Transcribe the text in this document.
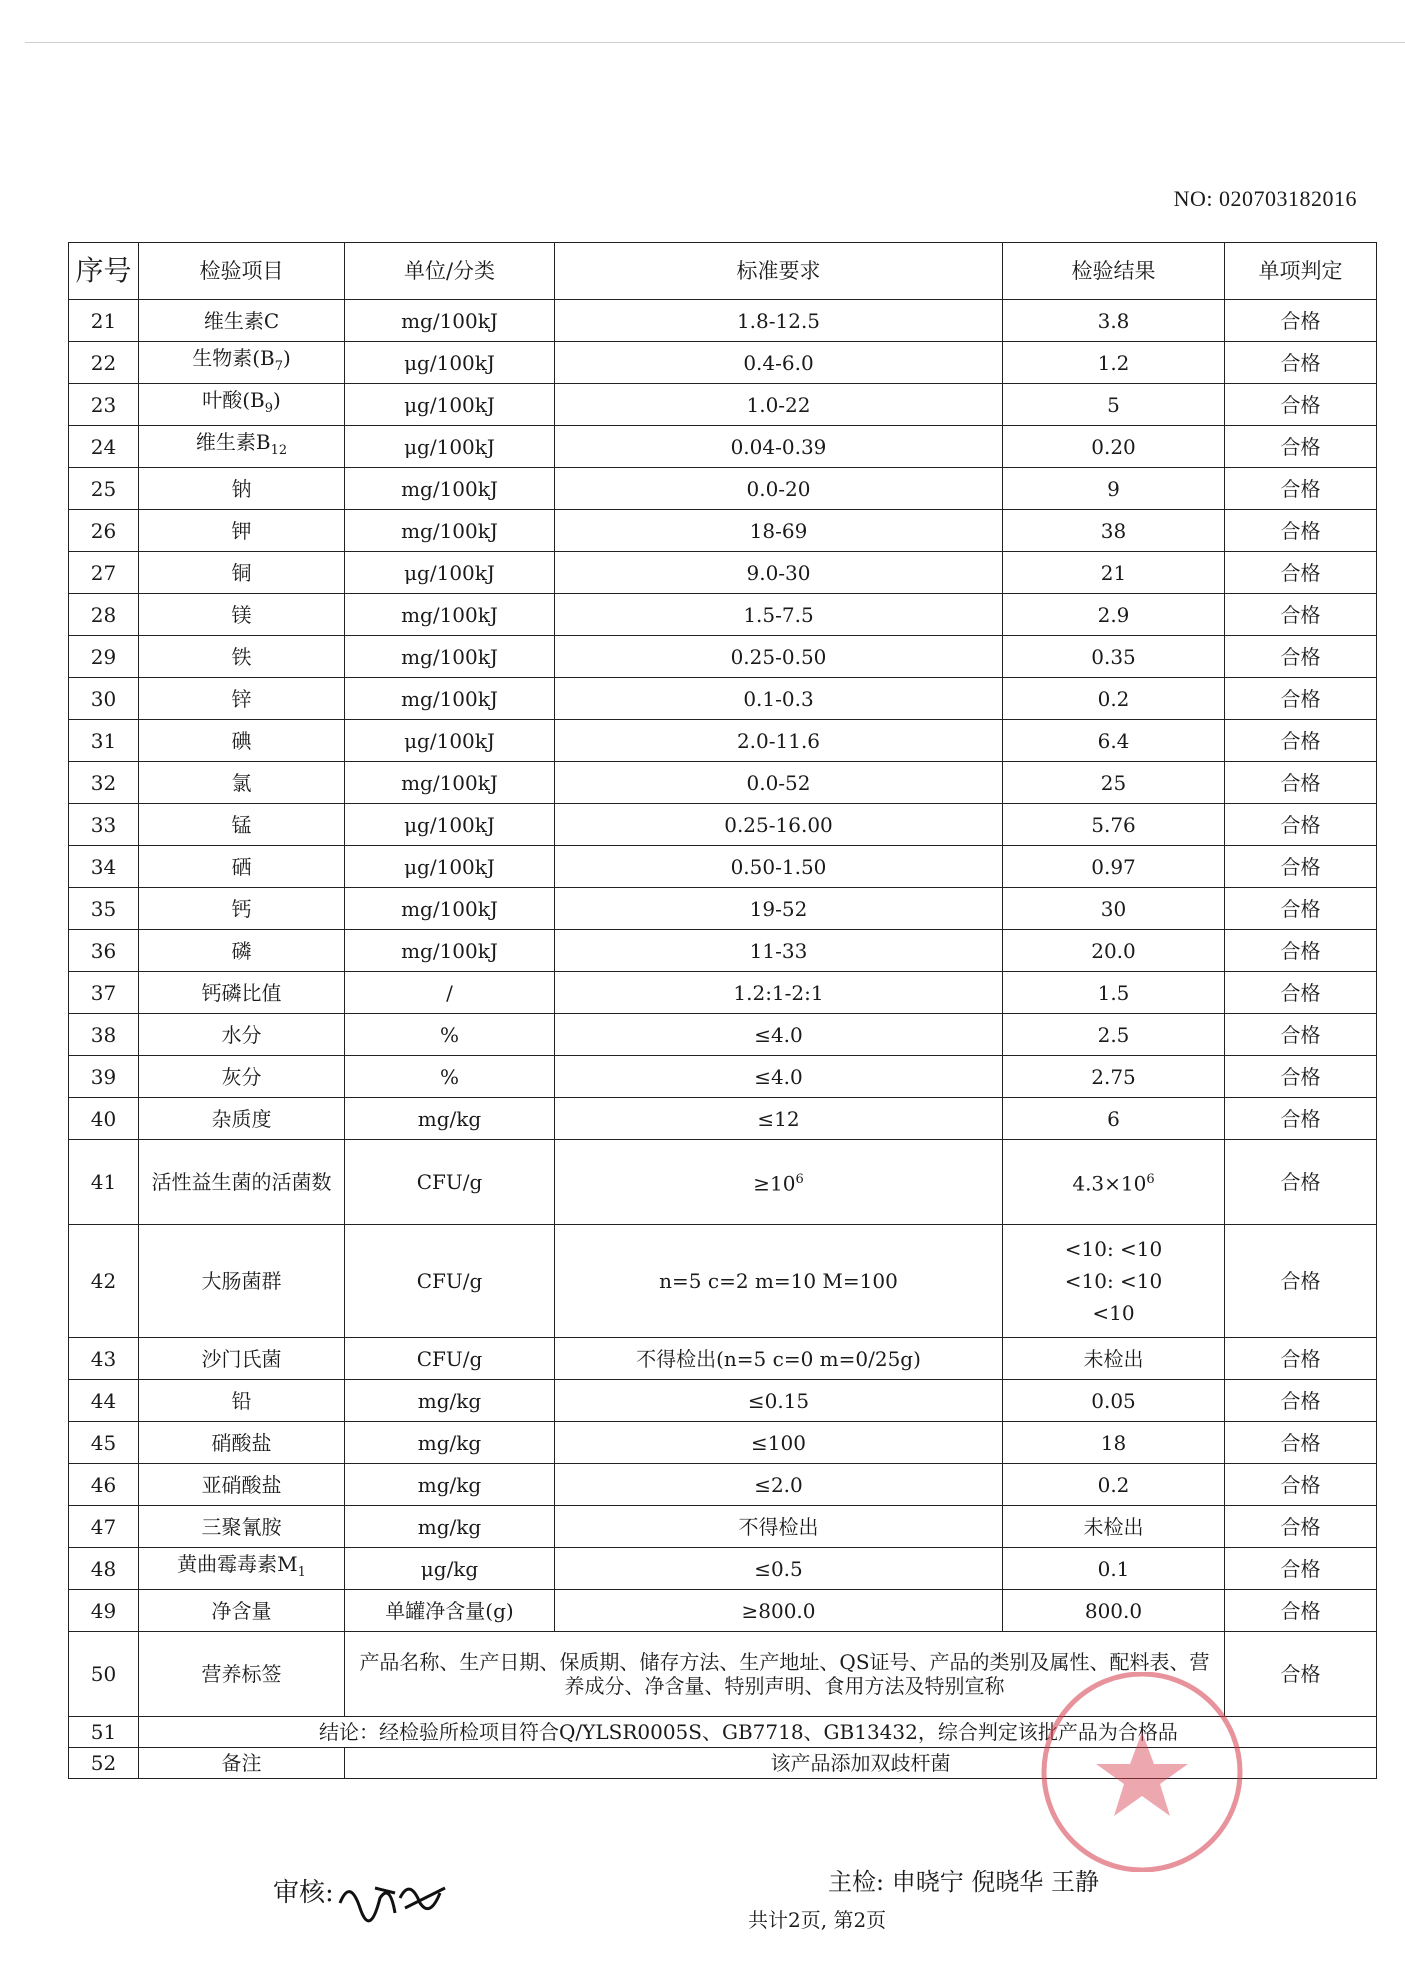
NO: 020703182016
序号	检验项目	单位/分类	标准要求	检验结果	单项判定
21	维生素C	mg/100kJ	1.8-12.5	3.8	合格
22	生物素$(B_7)$	μg/100kJ	0.4-6.0	1.2	合格
23	叶酸$(B_9)$	μg/100kJ	1.0-22	5	合格
24	维生素$B_{12}$	μg/100kJ	0.04-0.39	0.20	合格
25	钠	mg/100kJ	0.0-20	9	合格
26	钾	mg/100kJ	18-69	38	合格
27	铜	μg/100kJ	9.0-30	21	合格
28	镁	mg/100kJ	1.5-7.5	2.9	合格
29	铁	mg/100kJ	0.25-0.50	0.35	合格
30	锌	mg/100kJ	0.1-0.3	0.2	合格
31	碘	μg/100kJ	2.0-11.6	6.4	合格
32	氯	mg/100kJ	0.0-52	25	合格
33	锰	μg/100kJ	0.25-16.00	5.76	合格
34	硒	μg/100kJ	0.50-1.50	0.97	合格
35	钙	mg/100kJ	19-52	30	合格
36	磷	mg/100kJ	11-33	20.0	合格
37	钙磷比值	/	1.2:1-2:1	1.5	合格
38	水分	%	≤4.0	2.5	合格
39	灰分	%	≤4.0	2.75	合格
40	杂质度	mg/kg	≤12	6	合格
41	活性益生菌的活菌数	CFU/g	$\ge 10^6$	$4.3\times 10^6$	合格
42	大肠菌群	CFU/g	n=5 c=2 m=10 M=100	<10: <10
<10: <10
<10	合格
43	沙门氏菌	CFU/g	不得检出(n=5 c=0 m=0/25g)	未检出	合格
44	铅	mg/kg	≤0.15	0.05	合格
45	硝酸盐	mg/kg	≤100	18	合格
46	亚硝酸盐	mg/kg	≤2.0	0.2	合格
47	三聚氰胺	mg/kg	不得检出	未检出	合格
48	黄曲霉毒素$M_1$	μg/kg	≤0.5	0.1	合格
49	净含量	单罐净含量(g)	≥800.0	800.0	合格
50	营养标签	产品名称、生产日期、保质期、储存方法、生产地址、QS证号、产品的类别及属性、配料表、营养成分、净含量、特别声明、食用方法及特别宣称			合格
51	结论：经检验所检项目符合Q/YLSR0005S、GB7718、GB13432，综合判定该批产品为合格品				
52	备注	该产品添加双歧杆菌			
审核:	主检: 申晓宁 倪晓华 王静
共计2页, 第2页
